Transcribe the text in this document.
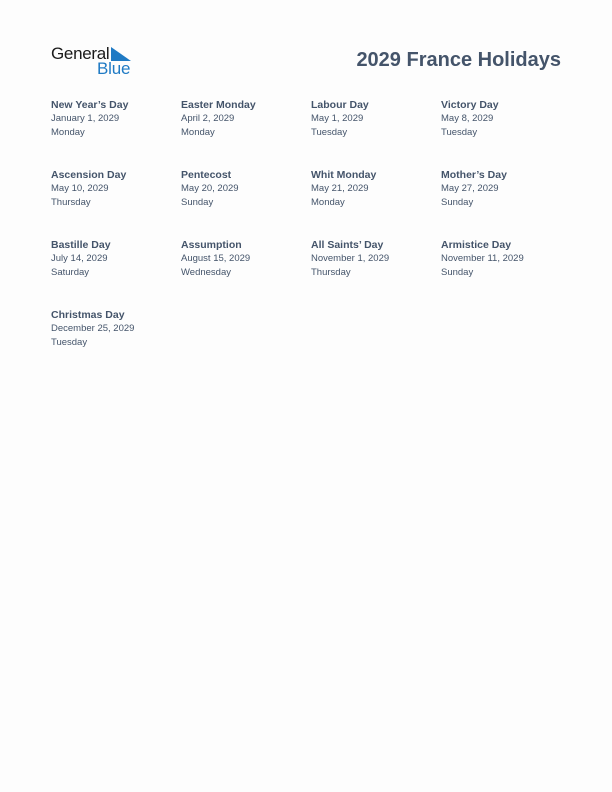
General
Blue	2029 France Holidays
New Year’s Day
January 1, 2029
Monday
Easter Monday
April 2, 2029
Monday
Labour Day
May 1, 2029
Tuesday
Victory Day
May 8, 2029
Tuesday
Ascension Day
May 10, 2029
Thursday
Pentecost
May 20, 2029
Sunday
Whit Monday
May 21, 2029
Monday
Mother’s Day
May 27, 2029
Sunday
Bastille Day
July 14, 2029
Saturday
Assumption
August 15, 2029
Wednesday
All Saints’ Day
November 1, 2029
Thursday
Armistice Day
November 11, 2029
Sunday
Christmas Day
December 25, 2029
Tuesday
